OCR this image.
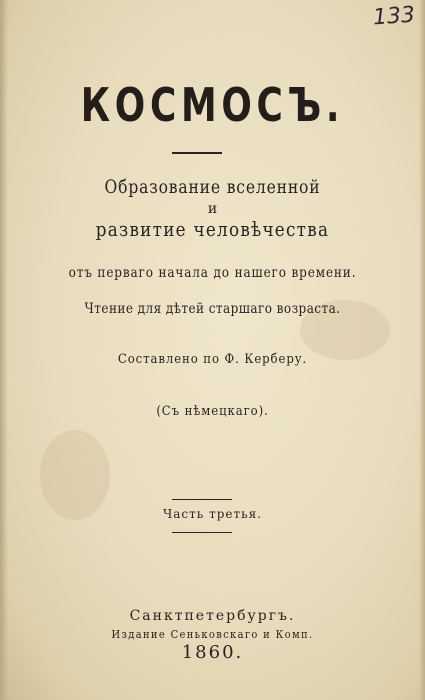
133
КОСМОСЪ.
Образование вселенной
и
развитие человѣчества
отъ перваго начала до нашего времени.
Чтение для дѣтей старшаго возраста.
Составлено по Ф. Керберу.
(Съ нѣмецкаго).
Часть третья.
Санктпетербургъ.
Издание Сеньковскаго и Комп.
1860.
